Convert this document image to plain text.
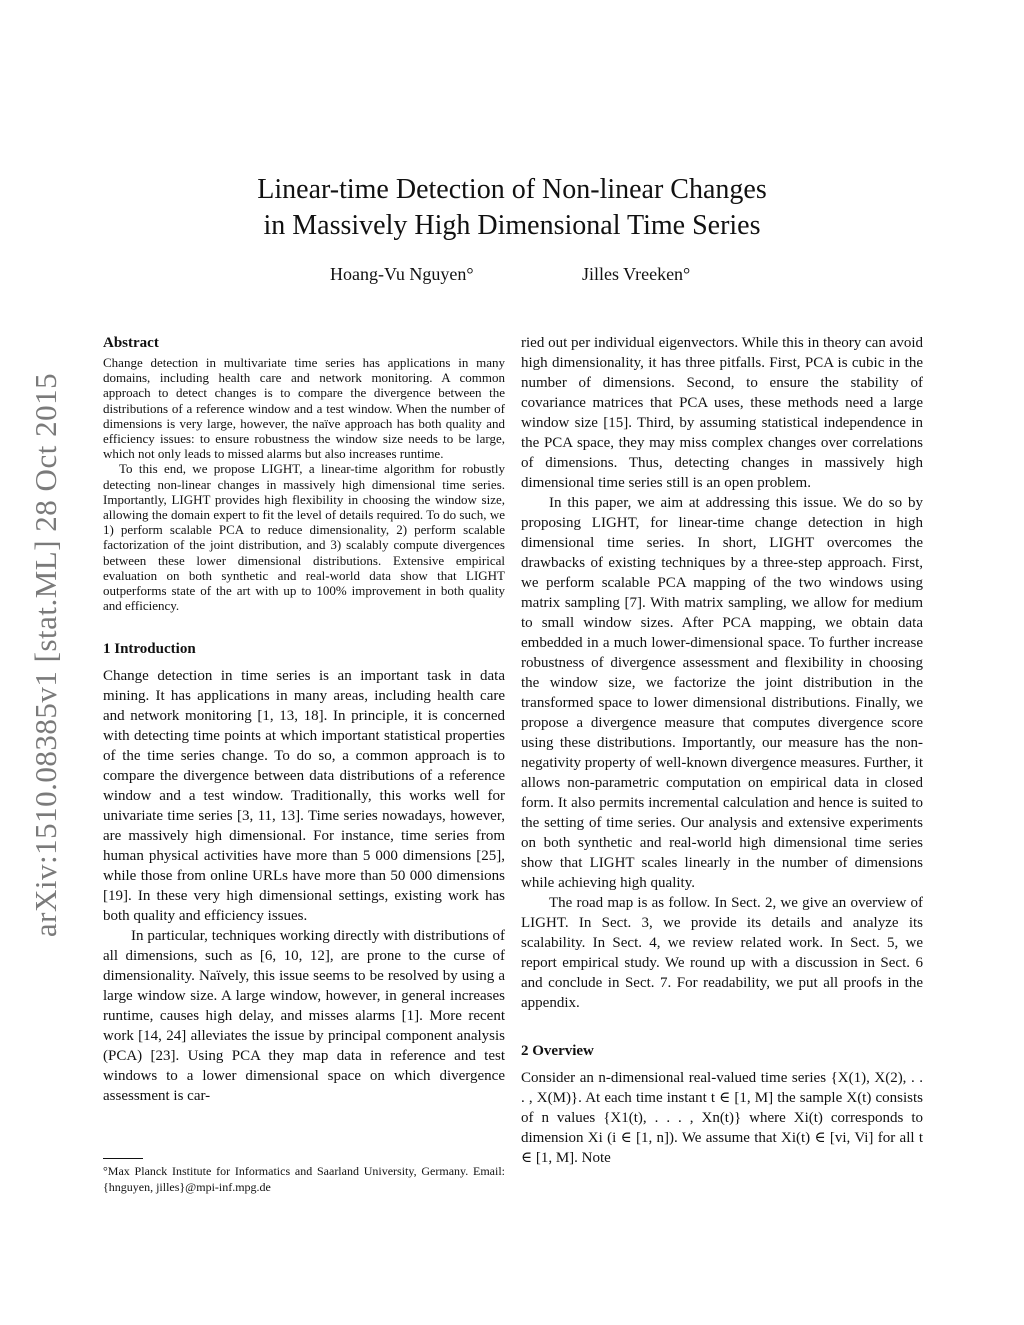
arXiv:1510.08385v1 [stat.ML] 28 Oct 2015
Linear-time Detection of Non-linear Changes
in Massively High Dimensional Time Series
Hoang-Vu Nguyen°	Jilles Vreeken°
Abstract

Change detection in multivariate time series has applications in many domains, including health care and network monitoring. A common approach to detect changes is to compare the divergence between the distributions of a reference window and a test window. When the number of dimensions is very large, however, the naïve approach has both quality and efficiency issues: to ensure robustness the window size needs to be large, which not only leads to missed alarms but also increases runtime.

To this end, we propose LIGHT, a linear-time algorithm for robustly detecting non-linear changes in massively high dimensional time series. Importantly, LIGHT provides high flexibility in choosing the window size, allowing the domain expert to fit the level of details required. To do such, we 1) perform scalable PCA to reduce dimensionality, 2) perform scalable factorization of the joint distribution, and 3) scalably compute divergences between these lower dimensional distributions. Extensive empirical evaluation on both synthetic and real-world data show that LIGHT outperforms state of the art with up to 100% improvement in both quality and efficiency.

1 Introduction

Change detection in time series is an important task in data mining. It has applications in many areas, including health care and network monitoring [1, 13, 18]. In principle, it is concerned with detecting time points at which important statistical properties of the time series change. To do so, a common approach is to compare the divergence between data distributions of a reference window and a test window. Traditionally, this works well for univariate time series [3, 11, 13]. Time series nowadays, however, are massively high dimensional. For instance, time series from human physical activities have more than 5 000 dimensions [25], while those from online URLs have more than 50 000 dimensions [19]. In these very high dimensional settings, existing work has both quality and efficiency issues.

In particular, techniques working directly with distributions of all dimensions, such as [6, 10, 12], are prone to the curse of dimensionality. Naïvely, this issue seems to be resolved by using a large window size. A large window, however, in general increases runtime, causes high delay, and misses alarms [1]. More recent work [14, 24] alleviates the issue by principal component analysis (PCA) [23]. Using PCA they map data in reference and test windows to a lower dimensional space on which divergence assessment is car-

°Max Planck Institute for Informatics and Saarland University, Germany. Email: {hnguyen, jilles}@mpi-inf.mpg.de

ried out per individual eigenvectors. While this in theory can avoid high dimensionality, it has three pitfalls. First, PCA is cubic in the number of dimensions. Second, to ensure the stability of covariance matrices that PCA uses, these methods need a large window size [15]. Third, by assuming statistical independence in the PCA space, they may miss complex changes over correlations of dimensions. Thus, detecting changes in massively high dimensional time series still is an open problem.

In this paper, we aim at addressing this issue. We do so by proposing LIGHT, for linear-time change detection in high dimensional time series. In short, LIGHT overcomes the drawbacks of existing techniques by a three-step approach. First, we perform scalable PCA mapping of the two windows using matrix sampling [7]. With matrix sampling, we allow for medium to small window sizes. After PCA mapping, we obtain data embedded in a much lower-dimensional space. To further increase robustness of divergence assessment and flexibility in choosing the window size, we factorize the joint distribution in the transformed space to lower dimensional distributions. Finally, we propose a divergence measure that computes divergence score using these distributions. Importantly, our measure has the non-negativity property of well-known divergence measures. Further, it allows non-parametric computation on empirical data in closed form. It also permits incremental calculation and hence is suited to the setting of time series. Our analysis and extensive experiments on both synthetic and real-world high dimensional time series show that LIGHT scales linearly in the number of dimensions while achieving high quality.

The road map is as follow. In Sect. 2, we give an overview of LIGHT. In Sect. 3, we provide its details and analyze its scalability. In Sect. 4, we review related work. In Sect. 5, we report empirical study. We round up with a discussion in Sect. 6 and conclude in Sect. 7. For readability, we put all proofs in the appendix.

2 Overview

Consider an n-dimensional real-valued time series {X(1), X(2), . . . , X(M)}. At each time instant t ∈ [1, M] the sample X(t) consists of n values {X1(t), . . . , Xn(t)} where Xi(t) corresponds to dimension Xi (i ∈ [1, n]). We assume that Xi(t) ∈ [vi, Vi] for all t ∈ [1, M]. Note
